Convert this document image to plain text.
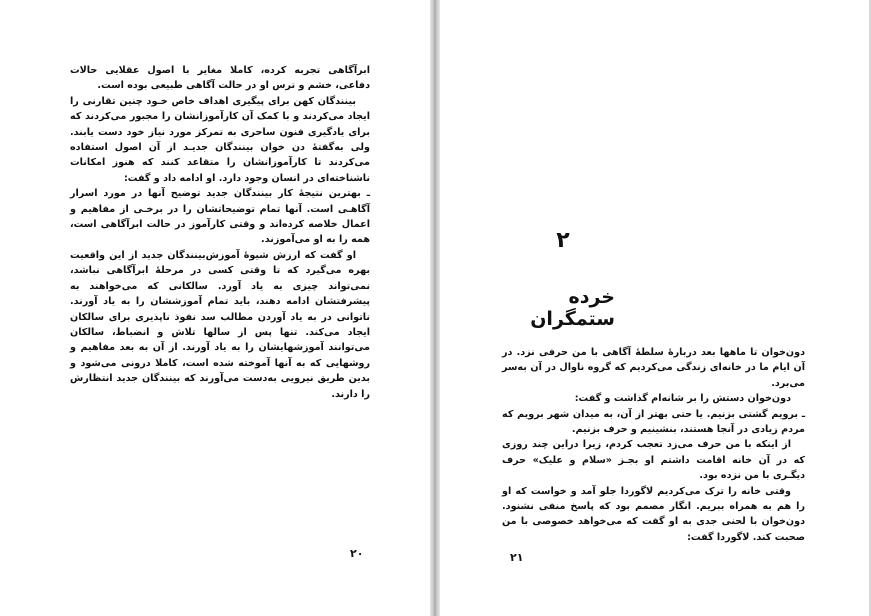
ابرآگاهی تجربه کرده، کاملا مغایر با اصول عقلایی حالات دفاعی، خشم و ترس او در حالت آگاهی طبیعی بوده است.

بینندگان کهن برای پیگیری اهداف خاص خـود چنین تقارنی را ایجاد می‌کردند و با کمک آن کارآموزانشان را مجبور می‌کردند که برای یادگیری فنون ساحری به تمرکز مورد نیاز خود دست یابند. ولی به‌گفتهٔ دن خوان بینندگان جدیـد از آن اصول استفاده می‌کردند تا کارآموزانشان را متقاعد کنند که هنوز امکانات ناشناخته‌ای در انسان وجود دارد. او ادامه داد و گفت:

ـ بهترین نتیجهٔ کار بینندگان جدید توضیح آنها در مورد اسرار آگاهـی است. آنها تمام توضیحاتشان را در برخـی از مفاهیم و اعمال خلاصه کرده‌اند و وقتی کارآموز در حالت ابرآگاهی است، همه را به او می‌آموزند.

او گفت که ارزش شیوهٔ آموزش‌بینندگان جدید از این واقعیت بهره می‌گیرد که تا وقتی کسی در مرحلهٔ ابرآگاهی نباشد، نمی‌تواند چیزی به یاد آورد. سالکانی که می‌خواهند به پیشرفتشان ادامه دهند، باید تمام آموزششان را به یاد آورند. ناتوانی در به یاد آوردن مطالب سد نفوذ ناپذیری برای سالکان ایجاد می‌کند. تنها پس از سالها تلاش و انضباط، سالکان می‌توانند آموزشهایشان را به یاد آورند. از آن به بعد مفاهیم و روشهایی که به آنها آموخته شده است، کاملا درونی می‌شود و بدین طریق نیرویی به‌دست می‌آورند که بینندگان جدید انتظارش را دارند.

۲۰
۲
خرده ستمگران

دون‌خوان تا ماهها بعد دربارهٔ سلطهٔ آگاهی با من حرفی نزد. در آن ایام ما در خانه‌ای زندگی می‌کردیم که گروه ناوال در آن به‌سر می‌برد.

دون‌خوان دستش را بر شانه‌ام گذاشت و گفت:

ـ برویم گشتی بزنیم. یا حتی بهتر از آن، به میدان شهر برویم که مردم زیادی در آنجا هستند، بنشینیم و حرف بزنیم.

از اینکه با من حرف می‌زد تعجب کردم، زیرا دراین چند روزی که در آن خانه اقامت داشتم او بجـز «سلام و علیک» حرف دیگـری با من نزده بود.

وقتی خانه را ترک می‌کردیم لاگوردا جلو آمد و خواست که او را هم به همراه ببریم. انگار مصمم بود که پاسخ منفی نشنود. دون‌خوان با لحنی جدی به او گفت که می‌خواهد خصوصی با من صحبت کند. لاگوردا گفت:

۲۱
